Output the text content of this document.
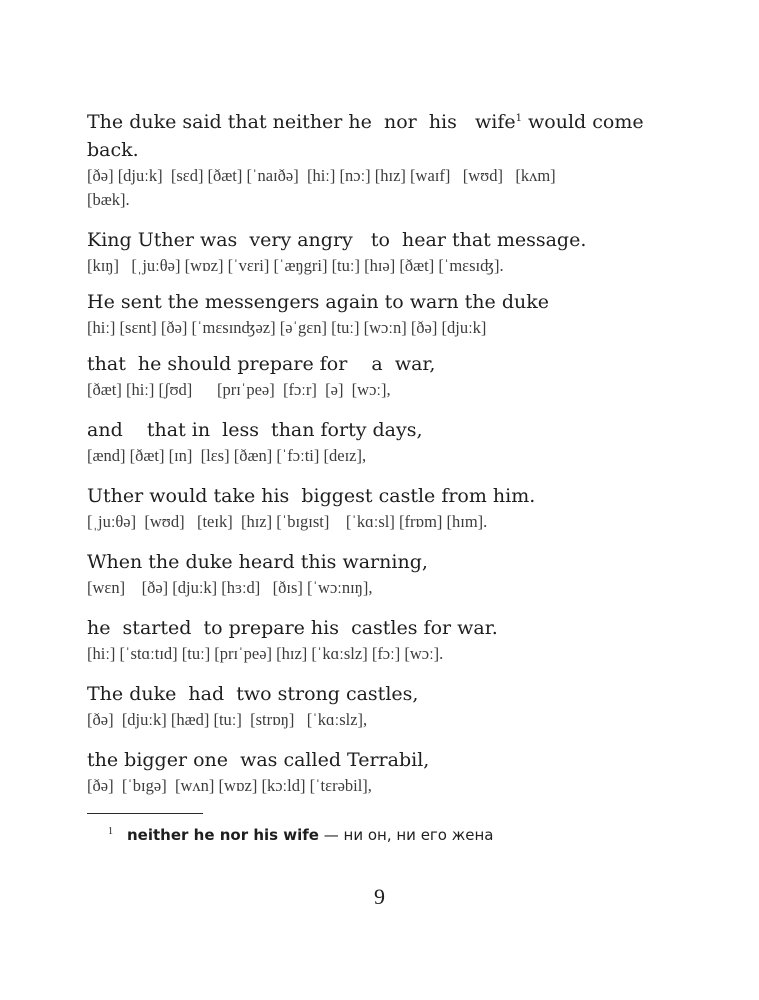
The duke said that neither he  nor  his   wife$^1$ would come back.

[ðə] [djuːk]  [sɛd] [ðæt] [ˈnaɪðə]  [hiː] [nɔː] [hɪz] [waɪf]   [wʊd]   [kʌm]
[bæk].

King Uther was  very angry   to  hear that message.

[kɪŋ]   [ˌjuːθə] [wɒz] [ˈvɛri] [ˈæŋgri] [tuː] [hɪə] [ðæt] [ˈmɛsɪʤ].

He sent the messengers again to warn the duke

[hiː] [sɛnt] [ðə] [ˈmɛsɪnʤəz] [əˈgɛn] [tuː] [wɔːn] [ðə] [djuːk]

that  he should prepare for    a  war,

[ðæt] [hiː] [ʃʊd]      [prɪˈpeə]  [fɔːr]  [ə]  [wɔː],

and    that in  less  than forty days,

[ænd] [ðæt] [ɪn]  [lɛs] [ðæn] [ˈfɔːti] [deɪz],

Uther would take his  biggest castle from him.

[ˌjuːθə]  [wʊd]   [teɪk]  [hɪz] [ˈbɪgɪst]    [ˈkɑːsl] [frɒm] [hɪm].

When the duke heard this warning,

[wɛn]    [ðə] [djuːk] [hɜːd]   [ðɪs] [ˈwɔːnɪŋ],

he  started  to prepare his  castles for war.

[hiː] [ˈstɑːtɪd] [tuː] [prɪˈpeə] [hɪz] [ˈkɑːslz] [fɔː] [wɔː].

The duke  had  two strong castles,

[ðə]  [djuːk] [hæd] [tuː]  [strɒŋ]   [ˈkɑːslz],

the bigger one  was called Terrabil,

[ðə]  [ˈbɪgə]  [wʌn] [wɒz] [kɔːld] [ˈtɛrəbil],

$^1$ neither he nor his wife — ни он, ни его жена
9
